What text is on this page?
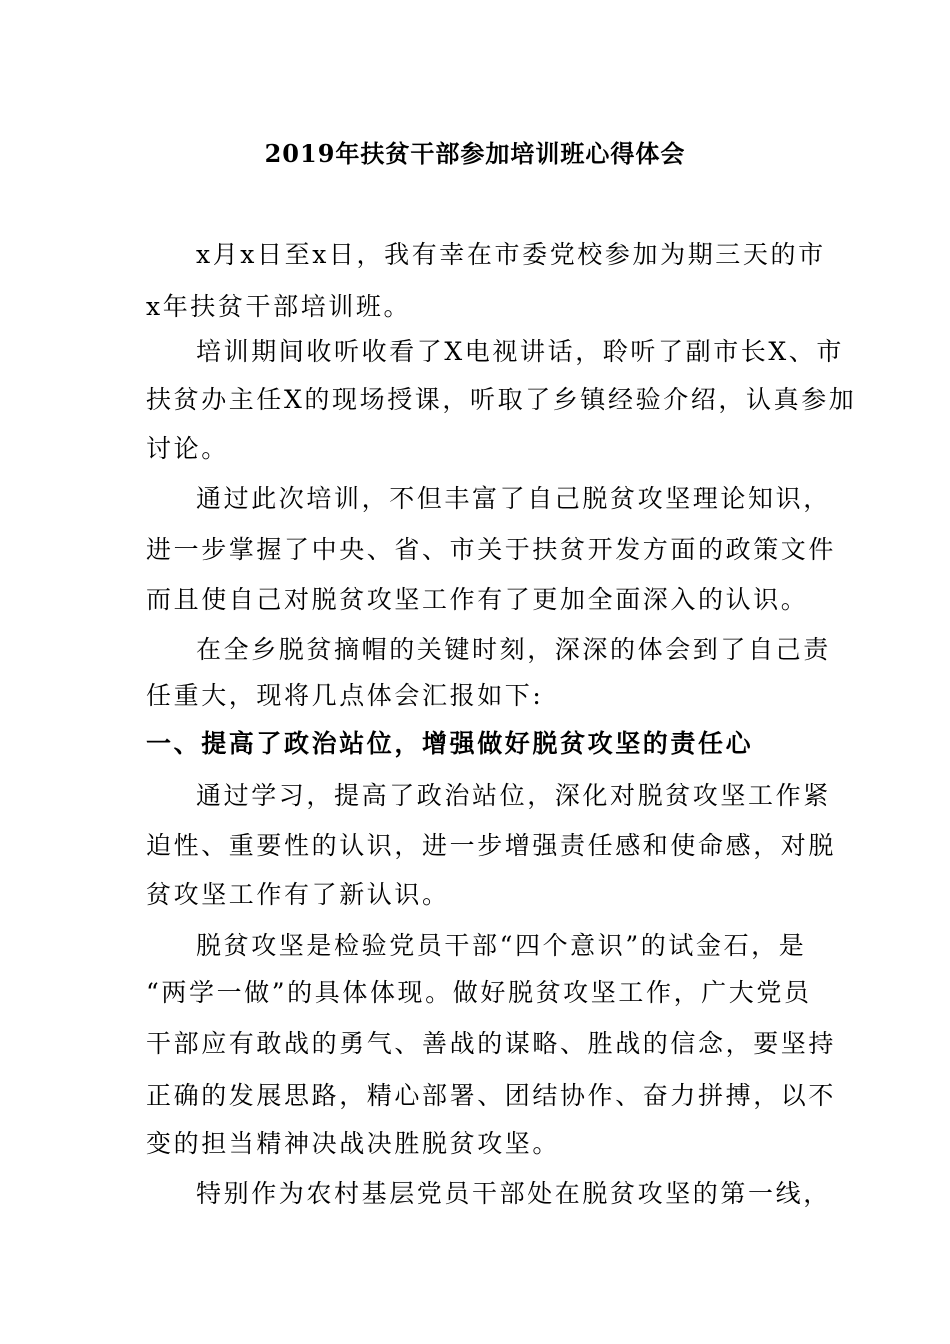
2019年扶贫干部参加培训班心得体会
x月x日至x日，我有幸在市委党校参加为期三天的市
x年扶贫干部培训班。
培训期间收听收看了X电视讲话，聆听了副市长X、市
扶贫办主任X的现场授课，听取了乡镇经验介绍，认真参加
讨论。
通过此次培训，不但丰富了自己脱贫攻坚理论知识，
进一步掌握了中央、省、市关于扶贫开发方面的政策文件
而且使自己对脱贫攻坚工作有了更加全面深入的认识。
在全乡脱贫摘帽的关键时刻，深深的体会到了自己责
任重大，现将几点体会汇报如下:
一、提高了政治站位，增强做好脱贫攻坚的责任心
通过学习，提高了政治站位，深化对脱贫攻坚工作紧
迫性、重要性的认识，进一步增强责任感和使命感，对脱
贫攻坚工作有了新认识。
脱贫攻坚是检验党员干部“四个意识”的试金石，是
“两学一做”的具体体现。做好脱贫攻坚工作，广大党员
干部应有敢战的勇气、善战的谋略、胜战的信念，要坚持
正确的发展思路，精心部署、团结协作、奋力拼搏，以不
变的担当精神决战决胜脱贫攻坚。
特别作为农村基层党员干部处在脱贫攻坚的第一线，
